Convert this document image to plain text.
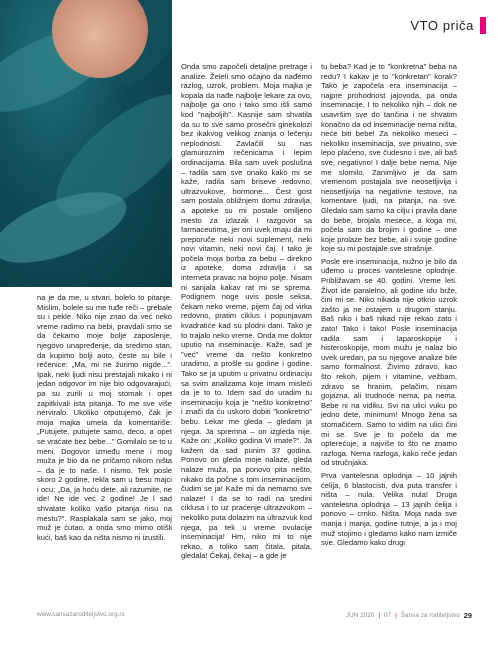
VTO priča

na je da me, u stvari, bolelo to pitanje. Mislim, bolele su me tuđe reči – grebale su i pekle. Niko nije znao da već neko vreme radimo na bebi, pravdali smo se da čekamo moje bolje zaposlenje, njegovo unapređenje, da sredimo stan, da kupimo bolji auto, česte su bile i rečenice: „Ma, mi ne žurimo nigde...”. Ipak, neki ljudi nisu prestajali nikako i ni jedan odgovor im nije bio odgovarajući, pa su zurili u moj stomak i opet zapitkivali ista pitanja. To me sve više nerviralo. Ukoliko otputujemo, čak je moja majka umela da komentariše: „Putujete, putujete samo, deco, a opet se vraćate bez bebe...” Gomilalo se to u meni. Dogovor između mene i mog muža je bio da ne pričamo nikom ništa – da je to naše. I nismo. Tek posle skoro 2 godine, rekla sam u besu majci i ocu: „Da, ja hoću dete, ali razumite, ne ide! Ne ide već 2 godine! Je l sad shvatate koliko vašo pitanja nisu na mestu?”. Rasplakala sam se jako, moj muž je ćutao, a onda smo mirno otišli kući, baš kao da ništa nismo ni izustili.

Onda smo započeli detaljne pretrage i analize. Želeli smo očajno da nađemo razlog, uzrok, problem. Moja majka je kopala da nađe najbolje lekare za ovo, najbolje ga ono i tako smo išli samo kod "najboljih". Kasnije sam shvatila da su to sve samo prosečni ginekolozi bez ikakvog velikog znanja o lečenju neplodnosti. Zavlačili su nas glamuroznim rečenicama i lepim ordinacijama. Bila sam uvek poslušna – radila sam sve onako kako mi se kaže, radila sam briseve redovno, ultrazvukove, hormone... Čest gost sam postala obližnjem domu zdravlja, a apoteke su mi postale omiljeno mesto za izlazak i razgovor sa farmaceutima, jer oni uvek imaju da mi preporuče neki novi suplement, neki novi vitamin, neki novi čaj. I tako je počela moja borba za bebu – direkno iz apoteke, doma zdravlja i sa interneta pravac na bojno polje. Nisam ni sanjala kakav rat mi se sprema. Podignem noge uvis posle seksa, čekam neko vreme, pijem čaj od virka redovno, pratim ciklus i popunjavam kvadratiće kad su plodni dani. Tako je to trajalo neko vreme. Onda me doktor uputio na inseminacije. Kaže, sad je "već" vreme da nešto konkretno uradimo, a prošle su godine i godine. Tako se ja uputim u privatnu ordinaciju sa svim analizama koje imam misleći da je to to. Idem sad do uradim tu inseminaciju koja je "nešto konkretno" i znači da ću uskoro dobiti "konkretno" bebu. Lekar me gleda – gledam ja njega. Ja spremna – on izgleda nije. Kaže on: „Koliko godina Vi imate?”. Ja kažem da sad punim 37 godina. Ponovo on gleda moje nalaze, gleda nalaze muža, pa ponovo pita nešto, nikako da počne s tom inseminacijom, čudim se ja! Kaže mi da nemamo sve nalaze! I da se to radi na sredini ciklusa i to uz praćenje ultrazvukom – nekoliko puta dolazim na ultrazvuk kod njega, pa tek u vreme ovulacije inseminacija! Hm, niko mi to nije rekao, a toliko sam čitala, pitala, gledala! Čekaj, čekaj – a gde je

tu beba? Kad je to "konkretna" beba na redu? I kakav je to "konkretan" korak? Tako je započela era inseminacija – najpre prohodnost jajovoda, pa onda inseminacije. I to nekoliko njih – dok ne usavršim sve do tančina i ne shvatim konačno da od inseminacije nema ništa, neće biti bebe! Za nekoliko meseci – nekoliko inseminacija, sve privatno, sve lepo plaćeno, sve čudesno i sve, ali baš sve, negativno! I dalje bebe nema. Nije me slomilo. Zanimljivo je da sam vremenom postajala sve neosetljivija i neosetljivija na negativne testove, na komentare ljudi, na pitanja, na sve. Gledalo sam samo ka cilju i pravila dane do bebe, brojala mesece, a koga mi, počela sam da brojim i godine – one koje prolaze bez bebe, ali i svoje godine koje su mi postajale sve strašnije.

Posle ere inseminacija, nužno je bilo da uđemo u proces vantelesne oplodnje. Približavam se 40. godini. Vreme leti. Život ide paralelno, ali godine idu brže, čini mi se. Niko nikada nije otkrio uzrok zašto ja ne ostajem u drugom stanju. Baš niko i baš nikad nije rekao zato i zato! Tako i tako! Posle inseminacija radila sam i laparoskopije i histeroskopije, mom mužu je nalaz bio uvek uredan, pa su njegove analize bile samo formalnost. Živimo zdravo, kao što rekoh, pijem i vitamine, vežbam, zdravo se hranim, pelačim, nisam gojazna, ali trudnoće nema, pa nema. Bebe ni na vidiku. Svi na ulici vuku po jedno dete, minimum! Mnogo žena sa stomačićem. Samo to vidim na ulici čini mi se. Sve je to počelo da me opterećuje, a najviše to što ne znamo razloga. Nema razloga, kako reče jedan od stručnjaka.

Prva vantelesna oplodnja – 10 jajnih ćelija, 6 blastocisti, dva puta transfer i ništa – nula. Velika nula! Druga vantelesna oplodnja – 13 jajnih ćelija i ponovo – crnko. Ništa. Moja nada sve manja i manja, godine tutnje, a ja i moj muž stojimo i gledamo kako nam izmiče sve. Gledamo kako drugi

www.sansazaroditeljstvo.org.rs	JUN 2020 | 07 | Šansa za roditeljstvo 29
